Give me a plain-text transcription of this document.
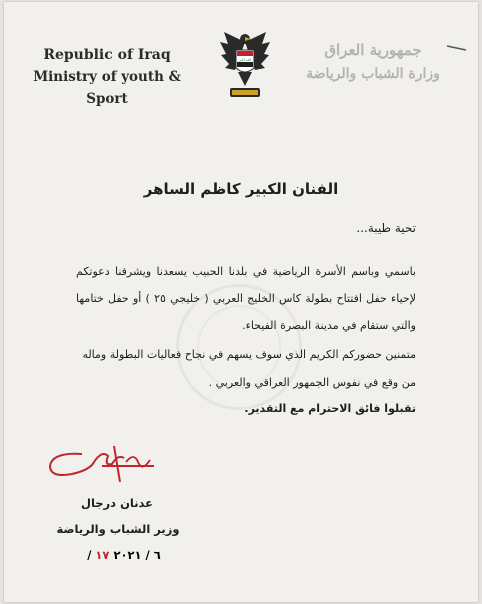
Republic of Iraq
Ministry of youth & Sport
الله اكبر
جمهورية العراق
وزارة الشباب والرياضة
الفنان الكبير كاظم الساهر
تحية طيبة...
باسمي وباسم الأسرة الرياضية في بلدنا الحبيب يسعدنا ويشرفنا دعوتكم لإحياء حفل افتتاح بطولة كاس الخليج العربي ( خليجي ٢٥ ) أو حفل ختامها والتي ستقام في مدينة البصرة الفيحاء.
متمنين حضوركم الكريم الذي سوف يسهم في نجاح فعاليات البطولة وماله من وقع في نفوس الجمهور العراقي والعربي .
تقبلوا فائق الاحترام مع التقدير.
عدنان درجال
وزير الشباب والرياضة
/ ٦ / ٢٠٢١ ١٧
